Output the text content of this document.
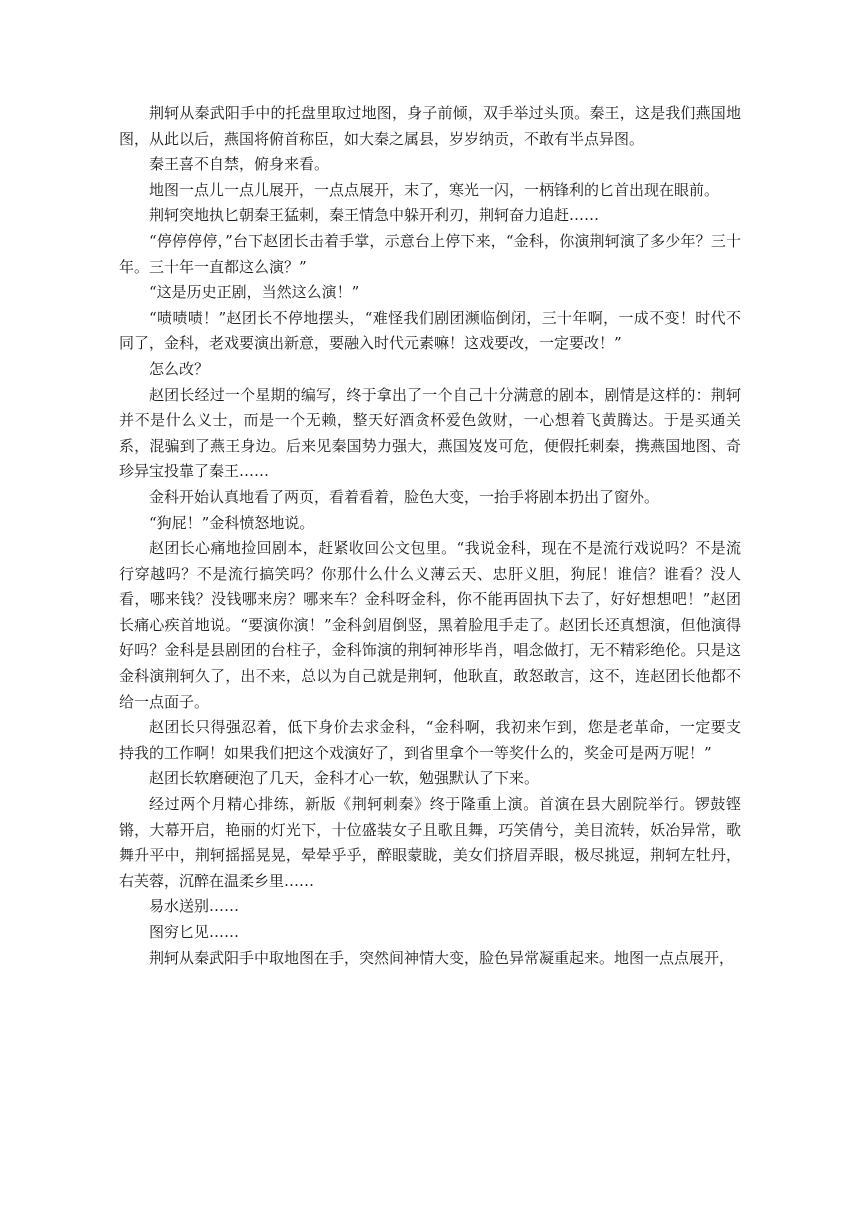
荆轲从秦武阳手中的托盘里取过地图，身子前倾，双手举过头顶。秦王，这是我们燕国地图，从此以后，燕国将俯首称臣，如大秦之属县，岁岁纳贡，不敢有半点异图。

秦王喜不自禁，俯身来看。

地图一点儿一点儿展开，一点点展开，末了，寒光一闪，一柄锋利的匕首出现在眼前。

荆轲突地执匕朝秦王猛刺，秦王情急中躲开利刃，荆轲奋力追赶……

“停停停停，”台下赵团长击着手掌，示意台上停下来，“金科，你演荆轲演了多少年？三十年。三十年一直都这么演？”

“这是历史正剧，当然这么演！”

“啧啧啧！”赵团长不停地摆头，“难怪我们剧团濒临倒闭，三十年啊，一成不变！时代不同了，金科，老戏要演出新意，要融入时代元素嘛！这戏要改，一定要改！”

怎么改？

赵团长经过一个星期的编写，终于拿出了一个自己十分满意的剧本，剧情是这样的：荆轲并不是什么义士，而是一个无赖，整天好酒贪杯爱色敛财，一心想着飞黄腾达。于是买通关系，混骗到了燕王身边。后来见秦国势力强大，燕国岌岌可危，便假托刺秦，携燕国地图、奇珍异宝投靠了秦王……

金科开始认真地看了两页，看着看着，脸色大变，一抬手将剧本扔出了窗外。

“狗屁！”金科愤怒地说。

赵团长心痛地捡回剧本，赶紧收回公文包里。“我说金科，现在不是流行戏说吗？不是流行穿越吗？不是流行搞笑吗？你那什么什么义薄云天、忠肝义胆，狗屁！谁信？谁看？没人看，哪来钱？没钱哪来房？哪来车？金科呀金科，你不能再固执下去了，好好想想吧！”赵团长痛心疾首地说。“要演你演！”金科剑眉倒竖，黑着脸甩手走了。赵团长还真想演，但他演得好吗？金科是县剧团的台柱子，金科饰演的荆轲神形毕肖，唱念做打，无不精彩绝伦。只是这金科演荆轲久了，出不来，总以为自己就是荆轲，他耿直，敢怒敢言，这不，连赵团长他都不给一点面子。

赵团长只得强忍着，低下身价去求金科，“金科啊，我初来乍到，您是老革命，一定要支持我的工作啊！如果我们把这个戏演好了，到省里拿个一等奖什么的，奖金可是两万呢！”

赵团长软磨硬泡了几天，金科才心一软，勉强默认了下来。

经过两个月精心排练，新版《荆轲刺秦》终于隆重上演。首演在县大剧院举行。锣鼓铿锵，大幕开启，艳丽的灯光下，十位盛装女子且歌且舞，巧笑倩兮，美目流转，妖冶异常，歌舞升平中，荆轲摇摇晃晃，晕晕乎乎，醉眼蒙眬，美女们挤眉弄眼，极尽挑逗，荆轲左牡丹，右芙蓉，沉醉在温柔乡里……

易水送别……

图穷匕见……

荆轲从秦武阳手中取地图在手，突然间神情大变，脸色异常凝重起来。地图一点点展开，
